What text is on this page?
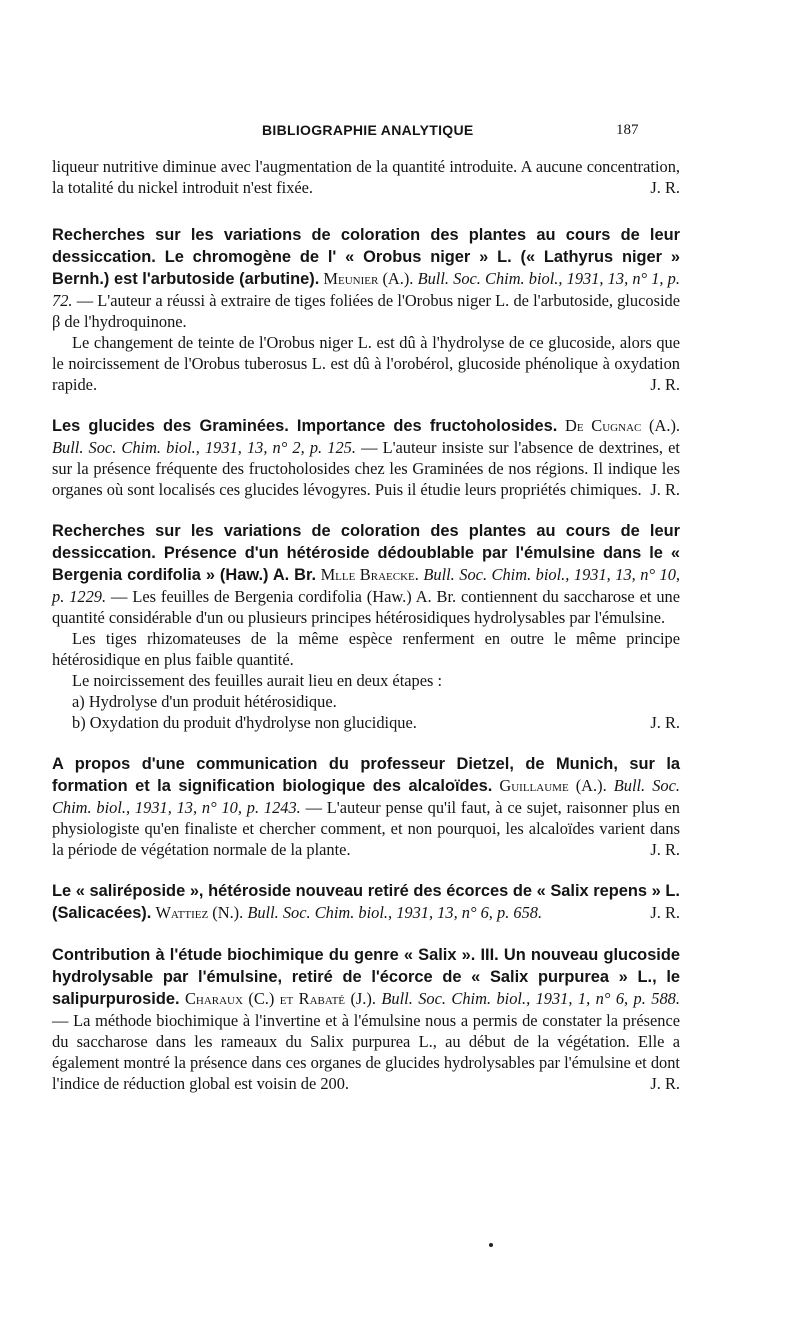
BIBLIOGRAPHIE ANALYTIQUE	187

liqueur nutritive diminue avec l'augmentation de la quantité introduite. A aucune concentration, la totalité du nickel introduit n'est fixée.	J. R.

Recherches sur les variations de coloration des plantes au cours de leur dessiccation. Le chromogène de l' « Orobus niger » L. (« Lathyrus niger » Bernh.) est l'arbutoside (arbutine). Meunier (A.). Bull. Soc. Chim. biol., 1931, 13, n° 1, p. 72. — L'auteur a réussi à extraire de tiges foliées de l'Orobus niger L. de l'arbutoside, glucoside β de l'hydroquinone.

Le changement de teinte de l'Orobus niger L. est dû à l'hydrolyse de ce glucoside, alors que le noircissement de l'Orobus tuberosus L. est dû à l'orobérol, glucoside phénolique à oxydation rapide.	J. R.

Les glucides des Graminées. Importance des fructoholosides. De Cugnac (A.). Bull. Soc. Chim. biol., 1931, 13, n° 2, p. 125. — L'auteur insiste sur l'absence de dextrines, et sur la présence fréquente des fructoholosides chez les Graminées de nos régions. Il indique les organes où sont localisés ces glucides lévogyres. Puis il étudie leurs propriétés chimiques. J. R.

Recherches sur les variations de coloration des plantes au cours de leur dessiccation. Présence d'un hétéroside dédoublable par l'émulsine dans le « Bergenia cordifolia » (Haw.) A. Br. Mlle Braecke. Bull. Soc. Chim. biol., 1931, 13, n° 10, p. 1229. — Les feuilles de Bergenia cordifolia (Haw.) A. Br. contiennent du saccharose et une quantité considérable d'un ou plusieurs principes hétérosidiques hydrolysables par l'émulsine.

Les tiges rhizomateuses de la même espèce renferment en outre le même principe hétérosidique en plus faible quantité.

Le noircissement des feuilles aurait lieu en deux étapes :

a) Hydrolyse d'un produit hétérosidique.

b) Oxydation du produit d'hydrolyse non glucidique.	J. R.

A propos d'une communication du professeur Dietzel, de Munich, sur la formation et la signification biologique des alcaloïdes. Guillaume (A.). Bull. Soc. Chim. biol., 1931, 13, n° 10, p. 1243. — L'auteur pense qu'il faut, à ce sujet, raisonner plus en physiologiste qu'en finaliste et chercher comment, et non pourquoi, les alcaloïdes varient dans la période de végétation normale de la plante.	J. R.

Le « saliréposide », hétéroside nouveau retiré des écorces de « Salix repens » L. (Salicacées). Wattiez (N.). Bull. Soc. Chim. biol., 1931, 13, n° 6, p. 658.	J. R.

Contribution à l'étude biochimique du genre « Salix ». III. Un nouveau glucoside hydrolysable par l'émulsine, retiré de l'écorce de « Salix purpurea » L., le salipurpuroside. Charaux (C.) et Rabaté (J.). Bull. Soc. Chim. biol., 1931, 1, n° 6, p. 588. — La méthode biochimique à l'invertine et à l'émulsine nous a permis de constater la présence du saccharose dans les rameaux du Salix purpurea L., au début de la végétation. Elle a également montré la présence dans ces organes de glucides hydrolysables par l'émulsine et dont l'indice de réduction global est voisin de 200.	J. R.
